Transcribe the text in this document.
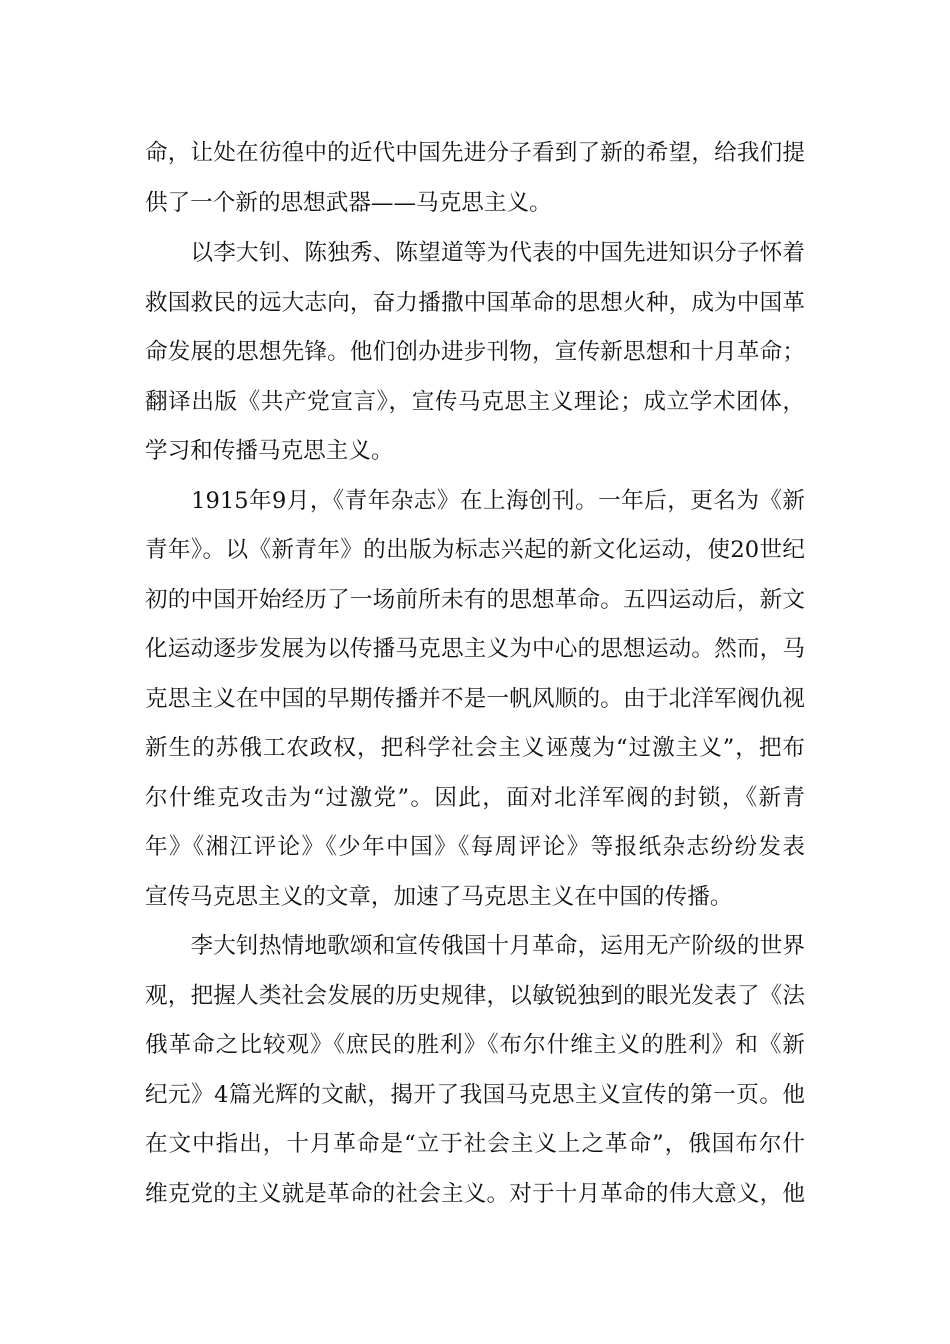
命，让处在彷徨中的近代中国先进分子看到了新的希望，给我们提
供了一个新的思想武器——马克思主义。
　　以李大钊、陈独秀、陈望道等为代表的中国先进知识分子怀着
救国救民的远大志向，奋力播撒中国革命的思想火种，成为中国革
命发展的思想先锋。他们创办进步刊物，宣传新思想和十月革命；
翻译出版《共产党宣言》，宣传马克思主义理论；成立学术团体，
学习和传播马克思主义。
　　1915年9月，《青年杂志》在上海创刊。一年后，更名为《新
青年》。以《新青年》的出版为标志兴起的新文化运动，使20世纪
初的中国开始经历了一场前所未有的思想革命。五四运动后，新文
化运动逐步发展为以传播马克思主义为中心的思想运动。然而，马
克思主义在中国的早期传播并不是一帆风顺的。由于北洋军阀仇视
新生的苏俄工农政权，把科学社会主义诬蔑为“过激主义”，把布
尔什维克攻击为“过激党”。因此，面对北洋军阀的封锁，《新青
年》《湘江评论》《少年中国》《每周评论》等报纸杂志纷纷发表
宣传马克思主义的文章，加速了马克思主义在中国的传播。
　　李大钊热情地歌颂和宣传俄国十月革命，运用无产阶级的世界
观，把握人类社会发展的历史规律，以敏锐独到的眼光发表了《法
俄革命之比较观》《庶民的胜利》《布尔什维主义的胜利》和《新
纪元》4篇光辉的文献，揭开了我国马克思主义宣传的第一页。他
在文中指出，十月革命是“立于社会主义上之革命”，俄国布尔什
维克党的主义就是革命的社会主义。对于十月革命的伟大意义，他
